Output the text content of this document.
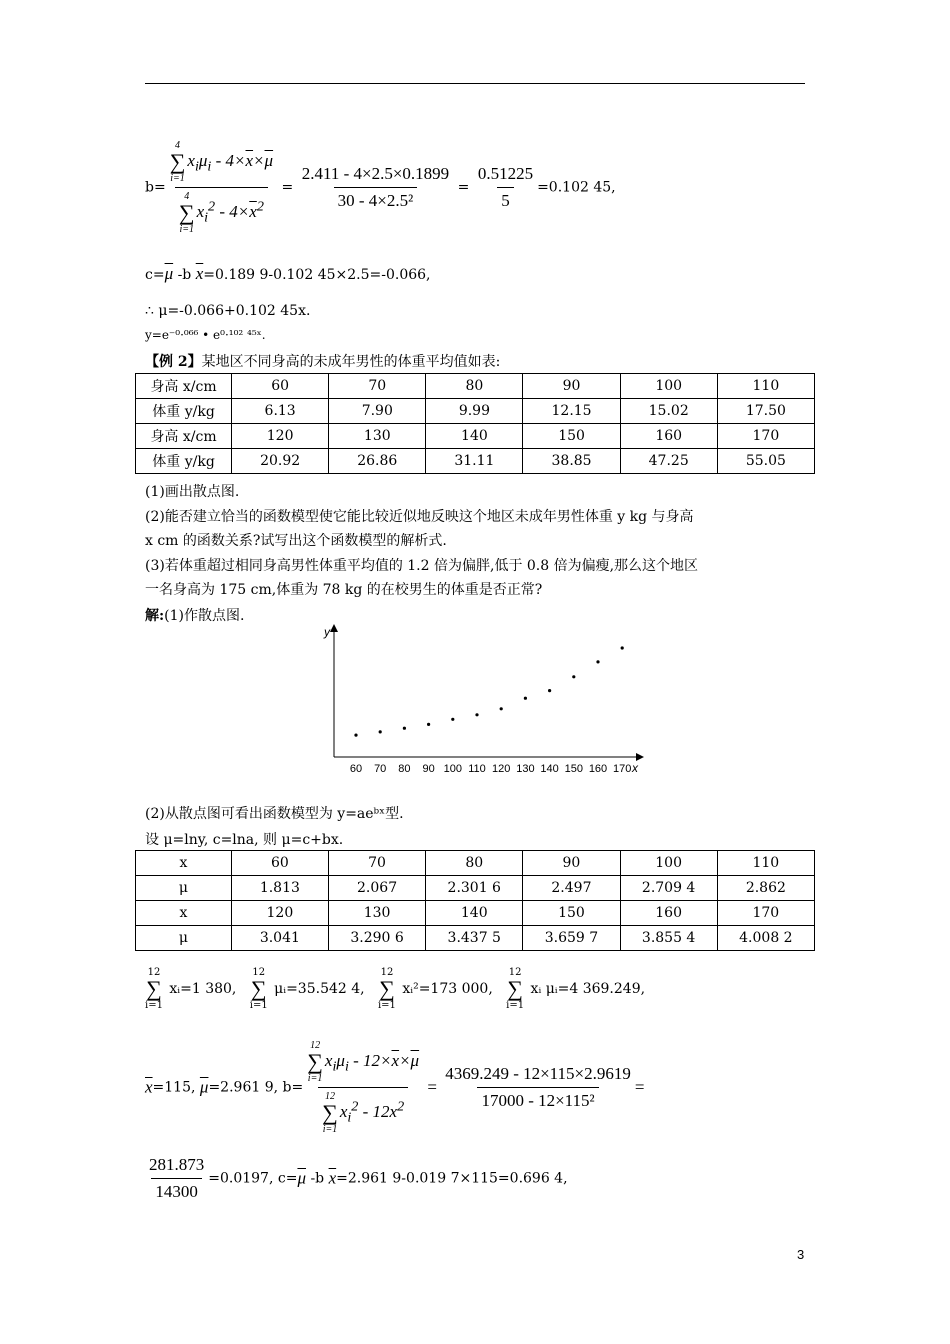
b= 4
∑
i=1
$x_i\mu_i - 4\times\overline{x}\times\overline{\mu}$
4
∑
i=1
$x_i^2 - 4\times\overline{x}^2 = \frac{2.411 - 4\times 2.5\times 0.1899}{\text{30 - 4×2.5²}} = \frac{0.51225}{5} =0.102$ 45,
$c=\overline{\mu}$ -b $\overline{x}=0.189$ 9-0.102 45×2.5=-0.066,
∴ μ=-0.066+0.102 45x.
y=e⁻⁰·⁰⁶⁶ • e⁰·¹⁰² ⁴⁵ˣ.
【例 2】某地区不同身高的未成年男性的体重平均值如表:
身高 x/cm	60	70	80	90	100	110
体重 y/kg	6.13	7.90	9.99	12.15	15.02	17.50
身高 x/cm	120	130	140	150	160	170
体重 y/kg	20.92	26.86	31.11	38.85	47.25	55.05
(1)画出散点图.
(2)能否建立恰当的函数模型使它能比较近似地反映这个地区未成年男性体重 y kg 与身高
x cm 的函数关系?试写出这个函数模型的解析式.
(3)若体重超过相同身高男性体重平均值的 1.2 倍为偏胖,低于 0.8 倍为偏瘦,那么这个地区
一名身高为 175 cm,体重为 78 kg 的在校男生的体重是否正常?
解:(1)作散点图.
y
x
60 70 80 90 100 110 120 130 140 150 160 170
(2)从散点图可看出函数模型为 y=aeᵇˣ型.
设 μ=lny, c=lna, 则 μ=c+bx.
x	60	70	80	90	100	110
μ	1.813	2.067	2.301 6	2.497	2.709 4	2.862
x	120	130	140	150	160	170
μ	3.041	3.290 6	3.437 5	3.659 7	3.855 4	4.008 2
12
∑
i=1
xᵢ=1 380,
12
∑
i=1
μᵢ=35.542 4,
12
∑
i=1
xᵢ²=173 000,
12
∑
i=1
xᵢ μᵢ=4 369.249,
$\overline{x}=115$, $\overline{\mu}=2.961$ 9, b= 12
∑
i=1
$x_i\mu_i - 12\times\overline{x}\times\overline{\mu}$
12
∑
i=1
$x_i^2 - 12x^2 = \frac{4369.249 - 12\times 115\times 2.9619}{\text{17000 - 12×115²}}$ =
$\frac{281.873}{14300} =0.0197$, $c=\overline{\mu}$ -b $\overline{x}=2.961$ 9-0.019 7×115=0.696 4,
3
